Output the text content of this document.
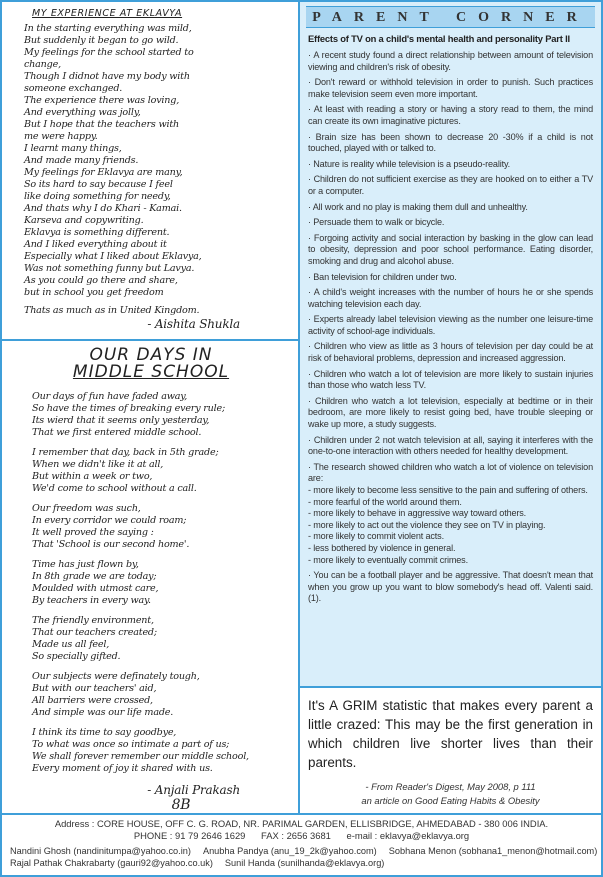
MY EXPERIENCE AT EKLAVYA
In the starting everything was mild,
But suddenly it began to go wild.
My feelings for the school started to
change,
Though I didnot have my body with
someone exchanged.
The experience there was loving,
And everything was jolly,
But I hope that the teachers with
me were happy.
I learnt many things,
And made many friends.
My feelings for Eklavya are many,
So its hard to say because I feel
like doing something for needy,
And thats why I do Khari - Kamai.
Karseva and copywriting.
Eklavya is something different.
And I liked everything about it
Especially what I liked about Eklavya,
Was not something funny but Lavya.
As you could go there and share,
but in school you get freedom
Thats as much as in United Kingdom.
- Aishita Shukla
OUR DAYS IN
MIDDLE SCHOOL
Our days of fun have faded away,
So have the times of breaking every rule;
Its wierd that it seems only yesterday,
That we first entered middle school.
I remember that day, back in 5th grade;
When we didn't like it at all,
But within a week or two,
We'd come to school without a call.
Our freedom was such,
In every corridor we could roam;
It well proved the saying :
That 'School is our second home'.
Time has just flown by,
In 8th grade we are today;
Moulded with utmost care,
By teachers in every way.
The friendly environment,
That our teachers created;
Made us all feel,
So specially gifted.
Our subjects were definately tough,
But with our teachers' aid,
All barriers were crossed,
And simple was our life made.
I think its time to say goodbye,
To what was once so intimate a part of us;
We shall forever remember our middle school,
Every moment of joy it shared with us.
- Anjali Prakash
8B
PARENT CORNER
Effects of TV on a child's mental health and personality Part II

· A recent study found a direct relationship between amount of television viewing and children's risk of obesity.

· Don't reward or withhold television in order to punish. Such practices make television seem even more important.

· At least with reading a story or having a story read to them, the mind can create its own imaginative pictures.

· Brain size has been shown to decrease 20 -30% if a child is not touched, played with or talked to.

· Nature is reality while television is a pseudo-reality.

· Children do not sufficient exercise as they are hooked on to either a TV or a computer.

· All work and no play is making them dull and unhealthy.

· Persuade them to walk or bicycle.

· Forgoing activity and social interaction by basking in the glow can lead to obesity, depression and poor school performance. Eating disorder, smoking and drug and alcohol abuse.

· Ban television for children under two.

· A child's weight increases with the number of hours he or she spends watching television each day.

· Experts already label television viewing as the number one leisure-time activity of school-age individuals.

· Children who view as little as 3 hours of television per day could be at risk of behavioral problems, depression and increased aggression.

· Children who watch a lot of television are more likely to sustain injuries than those who watch less TV.

· Children who watch a lot television, especially at bedtime or in their bedroom, are more likely to resist going bed, have trouble sleeping or wake up more, a study suggests.

· Children under 2 not watch television at all, saying it interferes with the one-to-one interaction with others needed for healthy development.

· The research showed children who watch a lot of violence on television are:

- more likely to become less sensitive to the pain and suffering of others.

- more fearful of the world around them.

- more likely to behave in aggressive way toward others.

- more likely to act out the violence they see on TV in playing.

- more likely to commit violent acts.

- less bothered by violence in general.

- more likely to eventually commit crimes.

· You can be a football player and be aggressive. That doesn't mean that when you grow up you want to blow somebody's head off. Valenti said. (1).

It's A GRIM statistic that makes every parent a little crazed: This may be the first generation in which children live shorter lives than their parents.
- From Reader's Digest, May 2008, p 111
an article on Good Eating Habits & Obesity
Address : CORE HOUSE, OFF C. G. ROAD, NR. PARIMAL GARDEN, ELLISBRIDGE, AHMEDABAD - 380 006 INDIA.
PHONE : 91 79 2646 1629 FAX : 2656 3681 e-mail : eklavya@eklavya.org
Nandini Ghosh (nandinitumpa@yahoo.co.in) Anubha Pandya (anu_19_2k@yahoo.com) Sobhana Menon (sobhana1_menon@hotmail.com)
Rajal Pathak Chakrabarty (gauri92@yahoo.co.uk) Sunil Handa (sunilhanda@eklavya.org)
